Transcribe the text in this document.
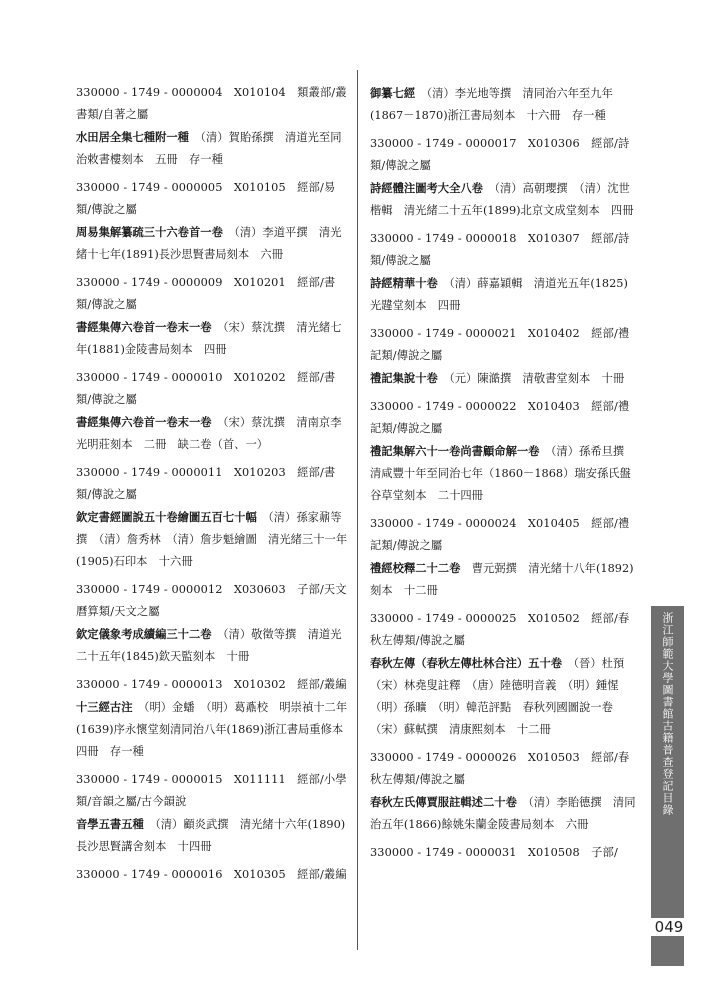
330000 - 1749 - 0000004　X010104　類叢部/叢書類/自著之屬
水田居全集七種附一種　 （清）賀貽孫撰　清道光至同治敕書樓刻本　五冊　存一種
330000 - 1749 - 0000005　X010105　經部/易類/傳說之屬
周易集解纂疏三十六卷首一卷　 （清）李道平撰　清光緒十七年(1891)長沙思賢書局刻本　六冊
330000 - 1749 - 0000009　X010201　經部/書類/傳說之屬
書經集傳六卷首一卷末一卷　 （宋）蔡沈撰　清光緒七年(1881)金陵書局刻本　四冊
330000 - 1749 - 0000010　X010202　經部/書類/傳說之屬
書經集傳六卷首一卷末一卷　 （宋）蔡沈撰　清南京李光明莊刻本　二冊　缺二卷（首、一）
330000 - 1749 - 0000011　X010203　經部/書類/傳說之屬
欽定書經圖說五十卷繪圖五百七十幅　 （清）孫家鼐等撰　（清）詹秀林　（清）詹步魁繪圖　清光緒三十一年(1905)石印本　十六冊
330000 - 1749 - 0000012　X030603　子部/天文曆算類/天文之屬
欽定儀象考成續編三十二卷　 （清）敬徵等撰　清道光二十五年(1845)欽天監刻本　十冊
330000 - 1749 - 0000013　X010302　經部/叢編
十三經古注　 （明）金蟠　（明）葛鼒校　明崇禎十二年(1639)序永懷堂刻清同治八年(1869)浙江書局重修本　四冊　存一種
330000 - 1749 - 0000015　X011111　經部/小學類/音韻之屬/古今韻說
音學五書五種　 （清）顧炎武撰　清光緒十六年(1890)長沙思賢講舍刻本　十四冊
330000 - 1749 - 0000016　X010305　經部/叢編
御纂七經　 （清）李光地等撰　清同治六年至九年(1867－1870)浙江書局刻本　十六冊　存一種
330000 - 1749 - 0000017　X010306　經部/詩類/傳說之屬
詩經體注圖考大全八卷　 （清）高朝瓔撰　（清）沈世楷輯　清光緒二十五年(1899)北京文成堂刻本　四冊
330000 - 1749 - 0000018　X010307　經部/詩類/傳說之屬
詩經精華十卷　 （清）薛嘉穎輯　清道光五年(1825)光韙堂刻本　四冊
330000 - 1749 - 0000021　X010402　經部/禮記類/傳說之屬
禮記集說十卷　 （元）陳澔撰　清敬書堂刻本　十冊
330000 - 1749 - 0000022　X010403　經部/禮記類/傳說之屬
禮記集解六十一卷尚書顧命解一卷　 （清）孫希旦撰　清咸豐十年至同治七年（1860－1868）瑞安孫氏盤谷草堂刻本　二十四冊
330000 - 1749 - 0000024　X010405　經部/禮記類/傳說之屬
禮經校釋二十二卷　 曹元弼撰　清光緒十八年(1892)刻本　十二冊
330000 - 1749 - 0000025　X010502　經部/春秋左傳類/傳說之屬
春秋左傳（春秋左傳杜林合注）五十卷　 （晉）杜預　（宋）林堯叟註釋　（唐）陸德明音義　（明）鍾惺　（明）孫曠　（明）韓范評點　春秋列國圖說一卷　（宋）蘇軾撰　清康熙刻本　十二冊
330000 - 1749 - 0000026　X010503　經部/春秋左傳類/傳說之屬
春秋左氏傳賈服註輯述二十卷　 （清）李貽德撰　清同治五年(1866)餘姚朱蘭金陵書局刻本　六冊
330000 - 1749 - 0000031　X010508　子部/
浙江師範大學圖書館古籍普查登記目錄
049
